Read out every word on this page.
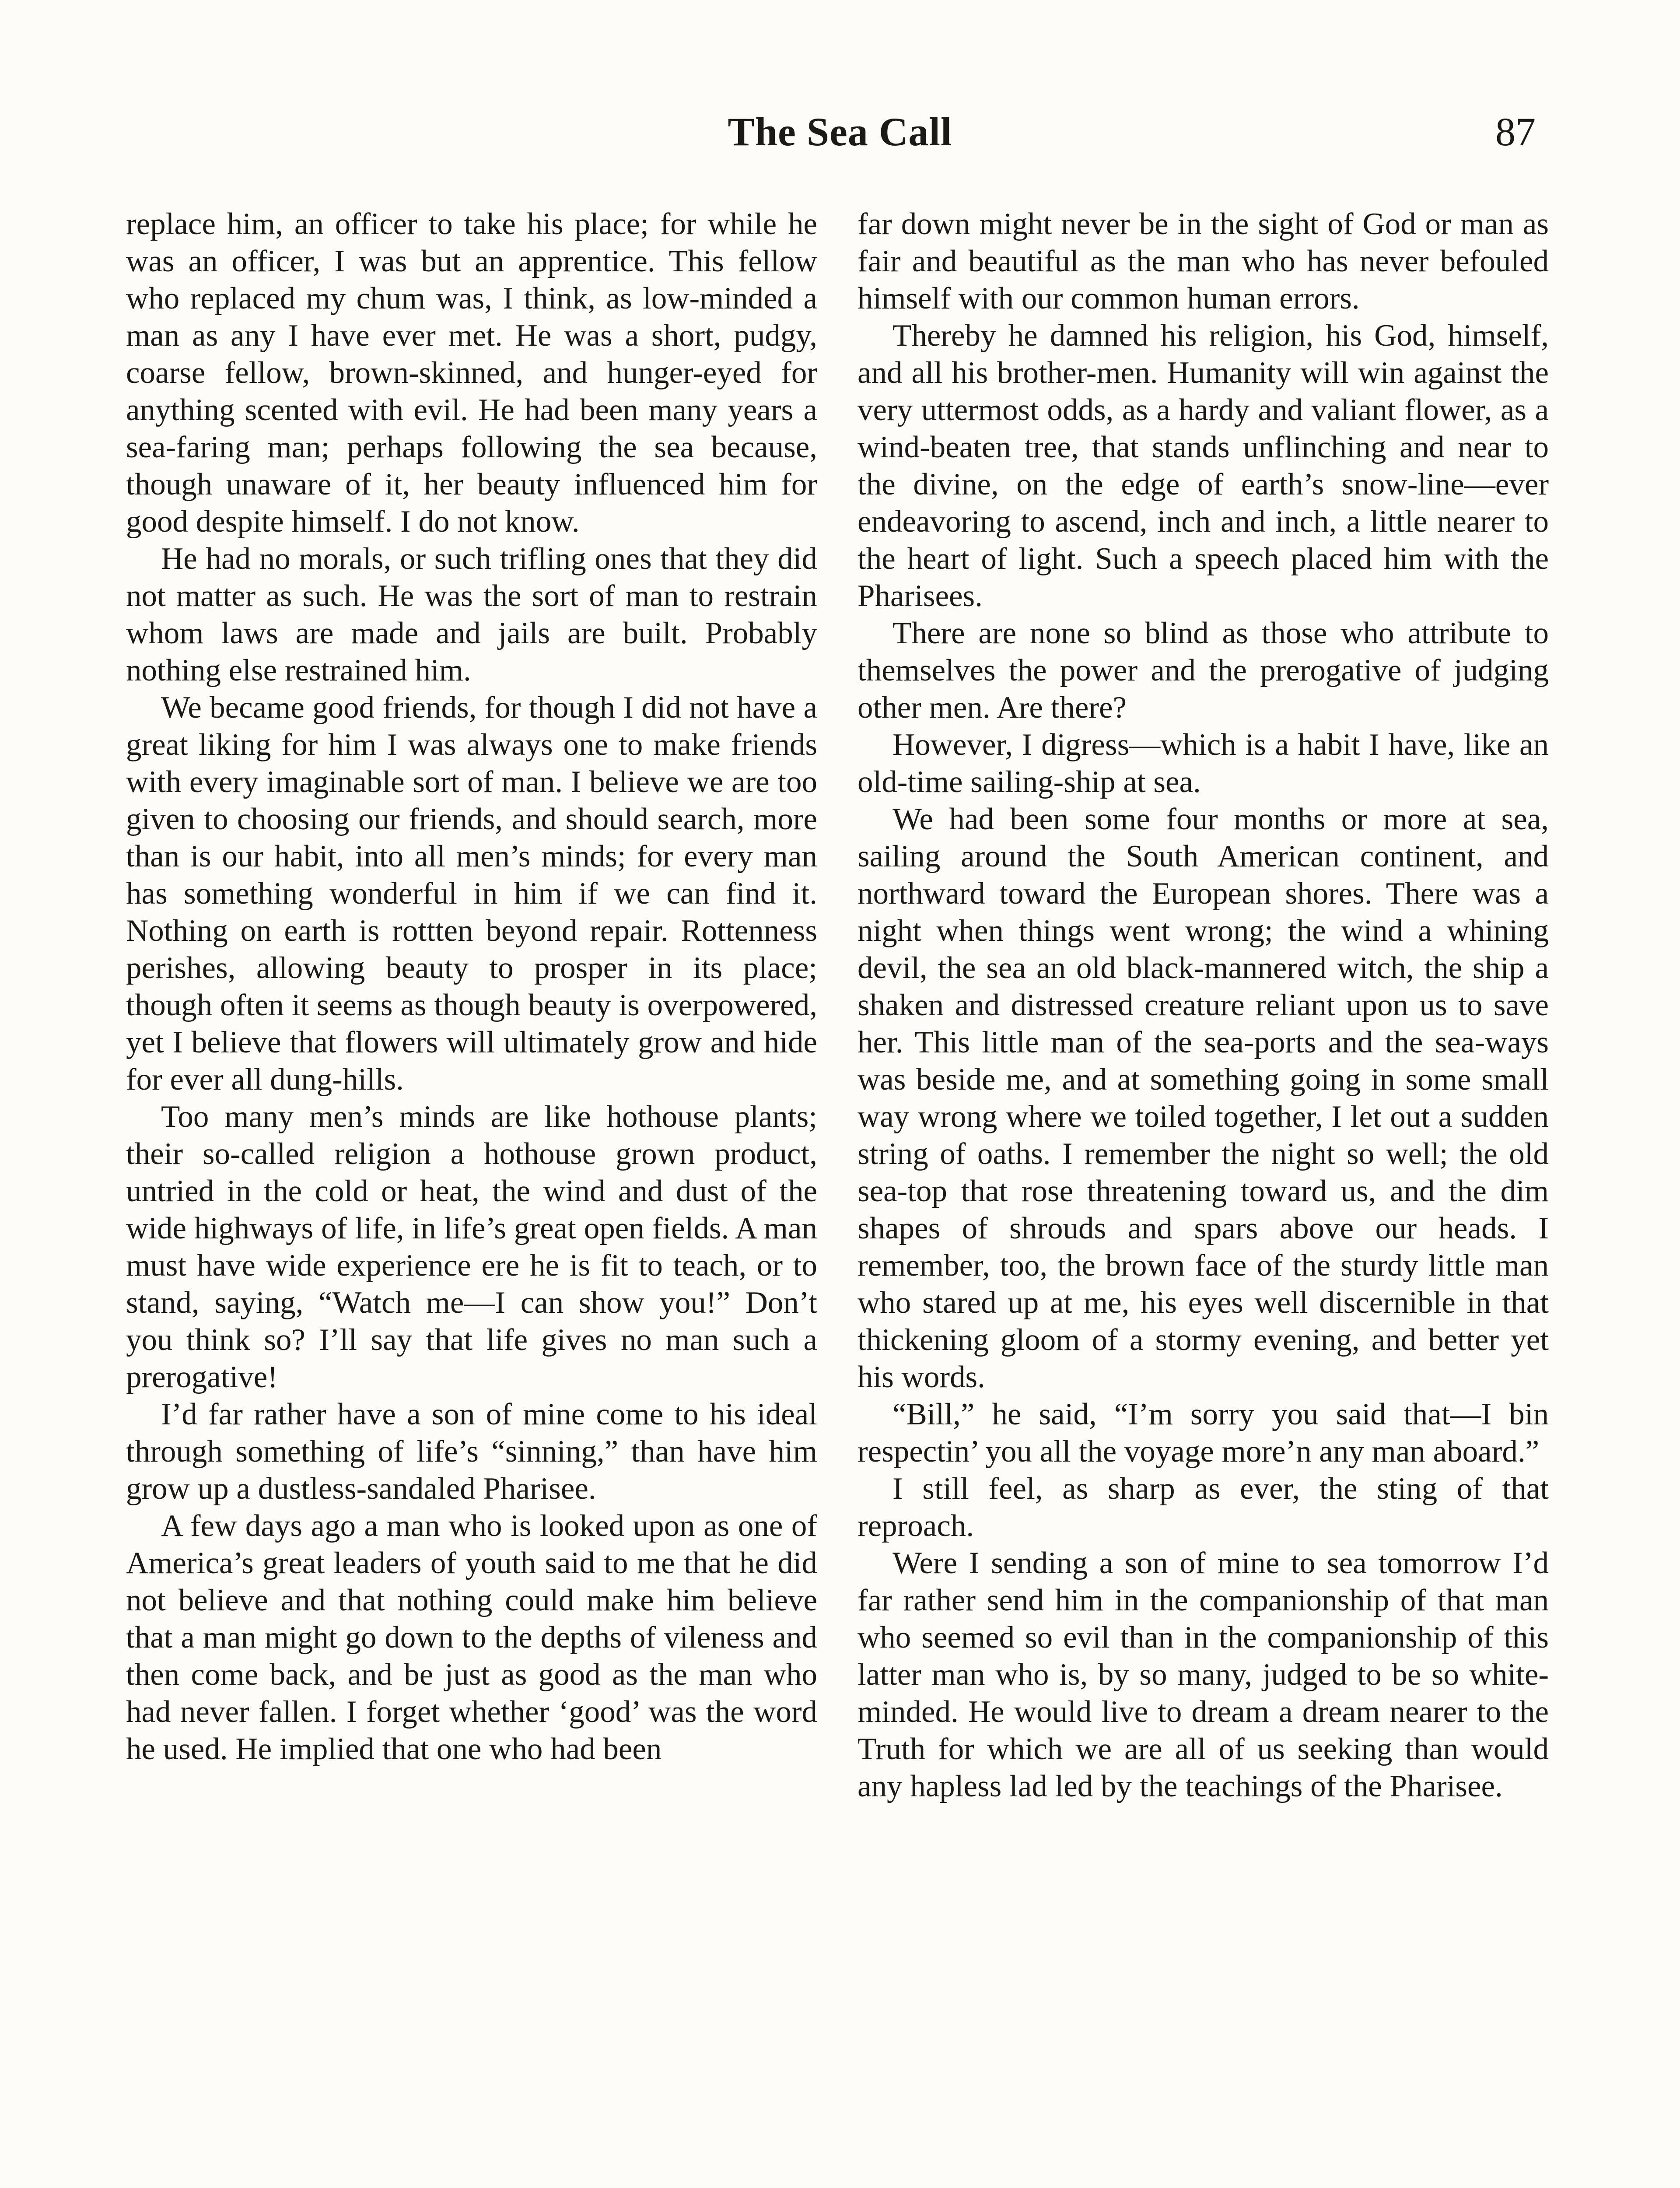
The Sea Call	87

replace him, an officer to take his place; for while he was an officer, I was but an apprentice. This fellow who replaced my chum was, I think, as low-minded a man as any I have ever met. He was a short, pudgy, coarse fellow, brown-skinned, and hunger-eyed for anything scented with evil. He had been many years a sea-faring man; perhaps following the sea because, though unaware of it, her beauty influenced him for good despite himself. I do not know.

He had no morals, or such trifling ones that they did not matter as such. He was the sort of man to restrain whom laws are made and jails are built. Probably nothing else restrained him.

We became good friends, for though I did not have a great liking for him I was always one to make friends with every imaginable sort of man. I believe we are too given to choosing our friends, and should search, more than is our habit, into all men’s minds; for every man has something wonderful in him if we can find it. Nothing on earth is rottten beyond repair. Rottenness perishes, allowing beauty to prosper in its place; though often it seems as though beauty is overpowered, yet I believe that flowers will ultimately grow and hide for ever all dung-hills.

Too many men’s minds are like hothouse plants; their so-called religion a hothouse grown product, untried in the cold or heat, the wind and dust of the wide highways of life, in life’s great open fields. A man must have wide experience ere he is fit to teach, or to stand, saying, “Watch me—I can show you!” Don’t you think so? I’ll say that life gives no man such a prerogative!

I’d far rather have a son of mine come to his ideal through something of life’s “sinning,” than have him grow up a dustless-sandaled Pharisee.

A few days ago a man who is looked upon as one of America’s great leaders of youth said to me that he did not believe and that nothing could make him believe that a man might go down to the depths of vileness and then come back, and be just as good as the man who had never fallen. I forget whether ‘good’ was the word he used. He implied that one who had been

far down might never be in the sight of God or man as fair and beautiful as the man who has never befouled himself with our common human errors.

Thereby he damned his religion, his God, himself, and all his brother-men. Humanity will win against the very uttermost odds, as a hardy and valiant flower, as a wind-beaten tree, that stands unflinching and near to the divine, on the edge of earth’s snow-line—ever endeavoring to ascend, inch and inch, a little nearer to the heart of light. Such a speech placed him with the Pharisees.

There are none so blind as those who attribute to themselves the power and the prerogative of judging other men. Are there?

However, I digress—which is a habit I have, like an old-time sailing-ship at sea.

We had been some four months or more at sea, sailing around the South American continent, and northward toward the European shores. There was a night when things went wrong; the wind a whining devil, the sea an old black-mannered witch, the ship a shaken and distressed creature reliant upon us to save her. This little man of the sea-ports and the sea-ways was beside me, and at something going in some small way wrong where we toiled together, I let out a sudden string of oaths. I remember the night so well; the old sea-top that rose threatening toward us, and the dim shapes of shrouds and spars above our heads. I remember, too, the brown face of the sturdy little man who stared up at me, his eyes well discernible in that thickening gloom of a stormy evening, and better yet his words.

“Bill,” he said, “I’m sorry you said that—I bin respectin’ you all the voyage more’n any man aboard.”

I still feel, as sharp as ever, the sting of that reproach.

Were I sending a son of mine to sea tomorrow I’d far rather send him in the companionship of that man who seemed so evil than in the companionship of this latter man who is, by so many, judged to be so white-minded. He would live to dream a dream nearer to the Truth for which we are all of us seeking than would any hapless lad led by the teachings of the Pharisee.
